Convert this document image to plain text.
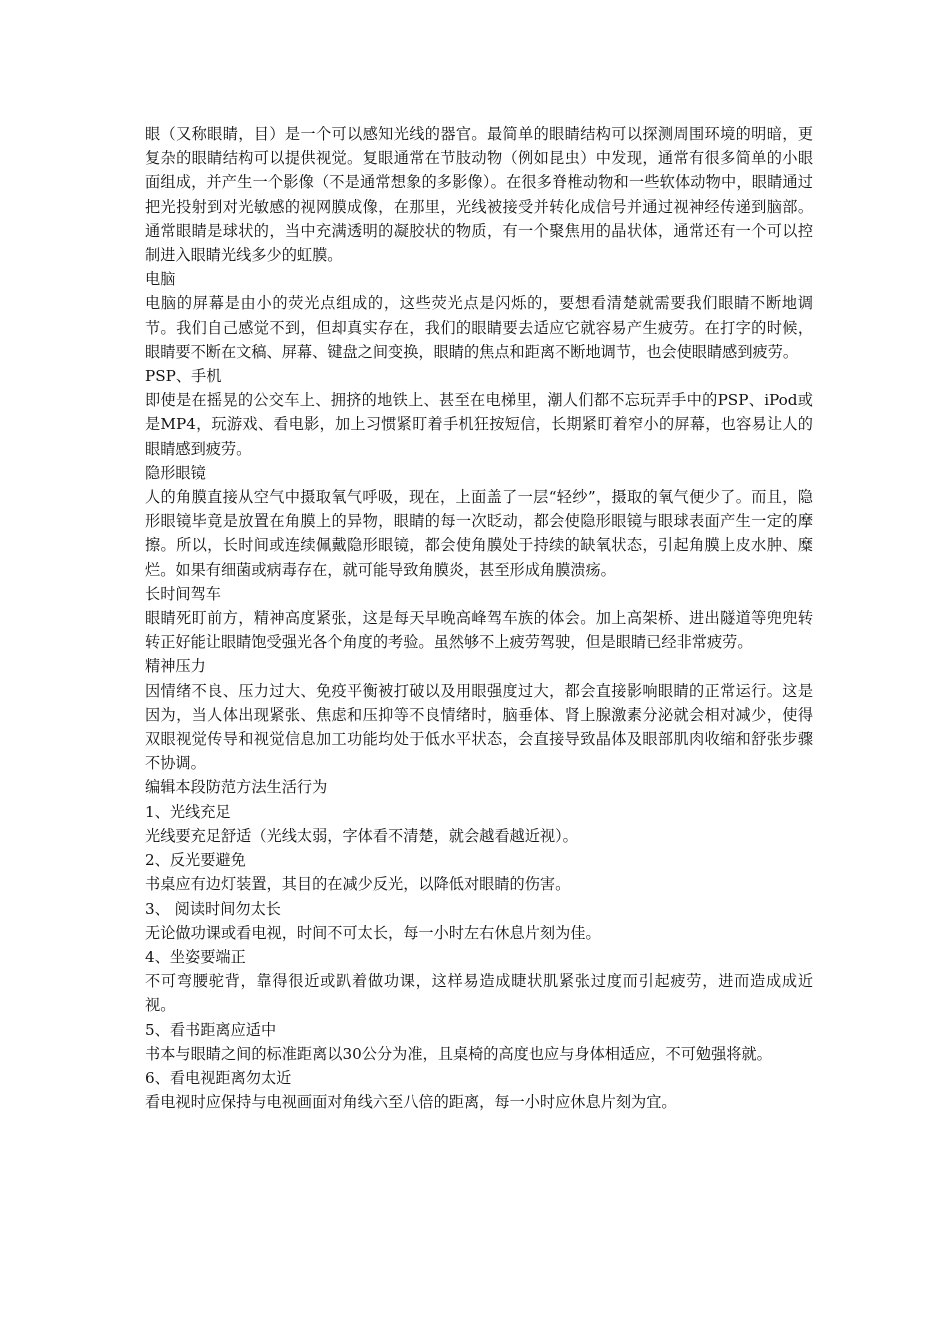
眼（又称眼睛，目）是一个可以感知光线的器官。最简单的眼睛结构可以探测周围环境的明暗，更复杂的眼睛结构可以提供视觉。复眼通常在节肢动物（例如昆虫）中发现，通常有很多简单的小眼面组成，并产生一个影像（不是通常想象的多影像）。在很多脊椎动物和一些软体动物中，眼睛通过把光投射到对光敏感的视网膜成像，在那里，光线被接受并转化成信号并通过视神经传递到脑部。通常眼睛是球状的，当中充满透明的凝胶状的物质，有一个聚焦用的晶状体，通常还有一个可以控制进入眼睛光线多少的虹膜。

电脑

电脑的屏幕是由小的荧光点组成的，这些荧光点是闪烁的，要想看清楚就需要我们眼睛不断地调节。我们自己感觉不到，但却真实存在，我们的眼睛要去适应它就容易产生疲劳。在打字的时候，眼睛要不断在文稿、屏幕、键盘之间变换，眼睛的焦点和距离不断地调节，也会使眼睛感到疲劳。

PSP、手机

即使是在摇晃的公交车上、拥挤的地铁上、甚至在电梯里，潮人们都不忘玩弄手中的PSP、iPod或是MP4，玩游戏、看电影，加上习惯紧盯着手机狂按短信，长期紧盯着窄小的屏幕，也容易让人的眼睛感到疲劳。

隐形眼镜

人的角膜直接从空气中摄取氧气呼吸，现在，上面盖了一层“轻纱”，摄取的氧气便少了。而且，隐形眼镜毕竟是放置在角膜上的异物，眼睛的每一次眨动，都会使隐形眼镜与眼球表面产生一定的摩擦。所以，长时间或连续佩戴隐形眼镜，都会使角膜处于持续的缺氧状态，引起角膜上皮水肿、糜烂。如果有细菌或病毒存在，就可能导致角膜炎，甚至形成角膜溃疡。

长时间驾车

眼睛死盯前方，精神高度紧张，这是每天早晚高峰驾车族的体会。加上高架桥、进出隧道等兜兜转转正好能让眼睛饱受强光各个角度的考验。虽然够不上疲劳驾驶，但是眼睛已经非常疲劳。

精神压力

因情绪不良、压力过大、免疫平衡被打破以及用眼强度过大，都会直接影响眼睛的正常运行。这是因为，当人体出现紧张、焦虑和压抑等不良情绪时，脑垂体、肾上腺激素分泌就会相对减少，使得双眼视觉传导和视觉信息加工功能均处于低水平状态，会直接导致晶体及眼部肌肉收缩和舒张步骤不协调。

编辑本段防范方法生活行为

1、光线充足

光线要充足舒适（光线太弱，字体看不清楚，就会越看越近视）。

2、反光要避免

书桌应有边灯装置，其目的在减少反光，以降低对眼睛的伤害。

3、 阅读时间勿太长

无论做功课或看电视，时间不可太长，每一小时左右休息片刻为佳。

4、坐姿要端正

不可弯腰驼背，靠得很近或趴着做功课，这样易造成睫状肌紧张过度而引起疲劳，进而造成成近视。

5、看书距离应适中

书本与眼睛之间的标准距离以30公分为准，且桌椅的高度也应与身体相适应，不可勉强将就。

6、看电视距离勿太近

看电视时应保持与电视画面对角线六至八倍的距离，每一小时应休息片刻为宜。
